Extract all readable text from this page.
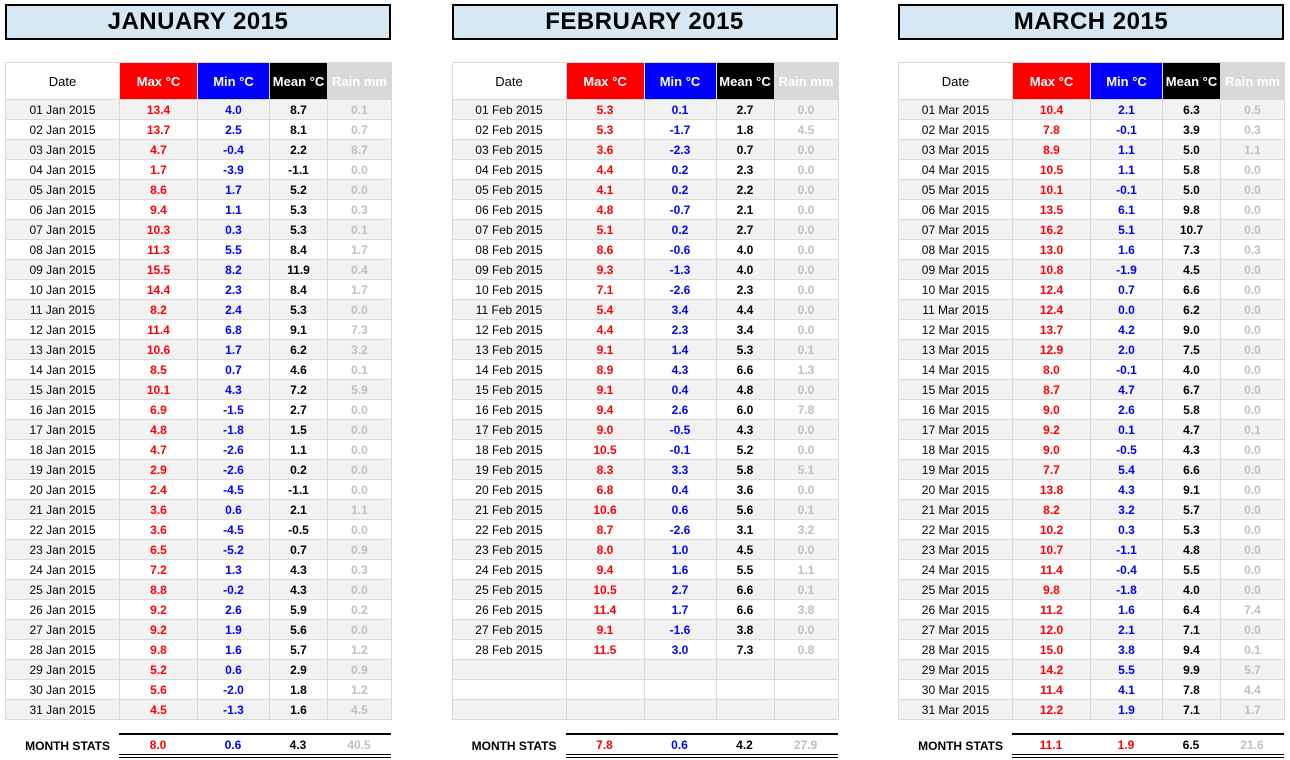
JANUARY 2015
Date	Max °C	Min °C	Mean °C	Rain mm
01 Jan 2015	13.4	4.0	8.7	0.1
02 Jan 2015	13.7	2.5	8.1	0.7
03 Jan 2015	4.7	-0.4	2.2	8.7
04 Jan 2015	1.7	-3.9	-1.1	0.0
05 Jan 2015	8.6	1.7	5.2	0.0
06 Jan 2015	9.4	1.1	5.3	0.3
07 Jan 2015	10.3	0.3	5.3	0.1
08 Jan 2015	11.3	5.5	8.4	1.7
09 Jan 2015	15.5	8.2	11.9	0.4
10 Jan 2015	14.4	2.3	8.4	1.7
11 Jan 2015	8.2	2.4	5.3	0.0
12 Jan 2015	11.4	6.8	9.1	7.3
13 Jan 2015	10.6	1.7	6.2	3.2
14 Jan 2015	8.5	0.7	4.6	0.1
15 Jan 2015	10.1	4.3	7.2	5.9
16 Jan 2015	6.9	-1.5	2.7	0.0
17 Jan 2015	4.8	-1.8	1.5	0.0
18 Jan 2015	4.7	-2.6	1.1	0.0
19 Jan 2015	2.9	-2.6	0.2	0.0
20 Jan 2015	2.4	-4.5	-1.1	0.0
21 Jan 2015	3.6	0.6	2.1	1.1
22 Jan 2015	3.6	-4.5	-0.5	0.0
23 Jan 2015	6.5	-5.2	0.7	0.9
24 Jan 2015	7.2	1.3	4.3	0.3
25 Jan 2015	8.8	-0.2	4.3	0.0
26 Jan 2015	9.2	2.6	5.9	0.2
27 Jan 2015	9.2	1.9	5.6	0.0
28 Jan 2015	9.8	1.6	5.7	1.2
29 Jan 2015	5.2	0.6	2.9	0.9
30 Jan 2015	5.6	-2.0	1.8	1.2
31 Jan 2015	4.5	-1.3	1.6	4.5
MONTH STATS	8.0	0.6	4.3	40.5
FEBRUARY 2015
Date	Max °C	Min °C	Mean °C	Rain mm
01 Feb 2015	5.3	0.1	2.7	0.0
02 Feb 2015	5.3	-1.7	1.8	4.5
03 Feb 2015	3.6	-2.3	0.7	0.0
04 Feb 2015	4.4	0.2	2.3	0.0
05 Feb 2015	4.1	0.2	2.2	0.0
06 Feb 2015	4.8	-0.7	2.1	0.0
07 Feb 2015	5.1	0.2	2.7	0.0
08 Feb 2015	8.6	-0.6	4.0	0.0
09 Feb 2015	9.3	-1.3	4.0	0.0
10 Feb 2015	7.1	-2.6	2.3	0.0
11 Feb 2015	5.4	3.4	4.4	0.0
12 Feb 2015	4.4	2.3	3.4	0.0
13 Feb 2015	9.1	1.4	5.3	0.1
14 Feb 2015	8.9	4.3	6.6	1.3
15 Feb 2015	9.1	0.4	4.8	0.0
16 Feb 2015	9.4	2.6	6.0	7.8
17 Feb 2015	9.0	-0.5	4.3	0.0
18 Feb 2015	10.5	-0.1	5.2	0.0
19 Feb 2015	8.3	3.3	5.8	5.1
20 Feb 2015	6.8	0.4	3.6	0.0
21 Feb 2015	10.6	0.6	5.6	0.1
22 Feb 2015	8.7	-2.6	3.1	3.2
23 Feb 2015	8.0	1.0	4.5	0.0
24 Feb 2015	9.4	1.6	5.5	1.1
25 Feb 2015	10.5	2.7	6.6	0.1
26 Feb 2015	11.4	1.7	6.6	3.8
27 Feb 2015	9.1	-1.6	3.8	0.0
28 Feb 2015	11.5	3.0	7.3	0.8

MONTH STATS	7.8	0.6	4.2	27.9
MARCH 2015
Date	Max °C	Min °C	Mean °C	Rain mm
01 Mar 2015	10.4	2.1	6.3	0.5
02 Mar 2015	7.8	-0.1	3.9	0.3
03 Mar 2015	8.9	1.1	5.0	1.1
04 Mar 2015	10.5	1.1	5.8	0.0
05 Mar 2015	10.1	-0.1	5.0	0.0
06 Mar 2015	13.5	6.1	9.8	0.0
07 Mar 2015	16.2	5.1	10.7	0.0
08 Mar 2015	13.0	1.6	7.3	0.3
09 Mar 2015	10.8	-1.9	4.5	0.0
10 Mar 2015	12.4	0.7	6.6	0.0
11 Mar 2015	12.4	0.0	6.2	0.0
12 Mar 2015	13.7	4.2	9.0	0.0
13 Mar 2015	12.9	2.0	7.5	0.0
14 Mar 2015	8.0	-0.1	4.0	0.0
15 Mar 2015	8.7	4.7	6.7	0.0
16 Mar 2015	9.0	2.6	5.8	0.0
17 Mar 2015	9.2	0.1	4.7	0.1
18 Mar 2015	9.0	-0.5	4.3	0.0
19 Mar 2015	7.7	5.4	6.6	0.0
20 Mar 2015	13.8	4.3	9.1	0.0
21 Mar 2015	8.2	3.2	5.7	0.0
22 Mar 2015	10.2	0.3	5.3	0.0
23 Mar 2015	10.7	-1.1	4.8	0.0
24 Mar 2015	11.4	-0.4	5.5	0.0
25 Mar 2015	9.8	-1.8	4.0	0.0
26 Mar 2015	11.2	1.6	6.4	7.4
27 Mar 2015	12.0	2.1	7.1	0.0
28 Mar 2015	15.0	3.8	9.4	0.1
29 Mar 2015	14.2	5.5	9.9	5.7
30 Mar 2015	11.4	4.1	7.8	4.4
31 Mar 2015	12.2	1.9	7.1	1.7
MONTH STATS	11.1	1.9	6.5	21.6
